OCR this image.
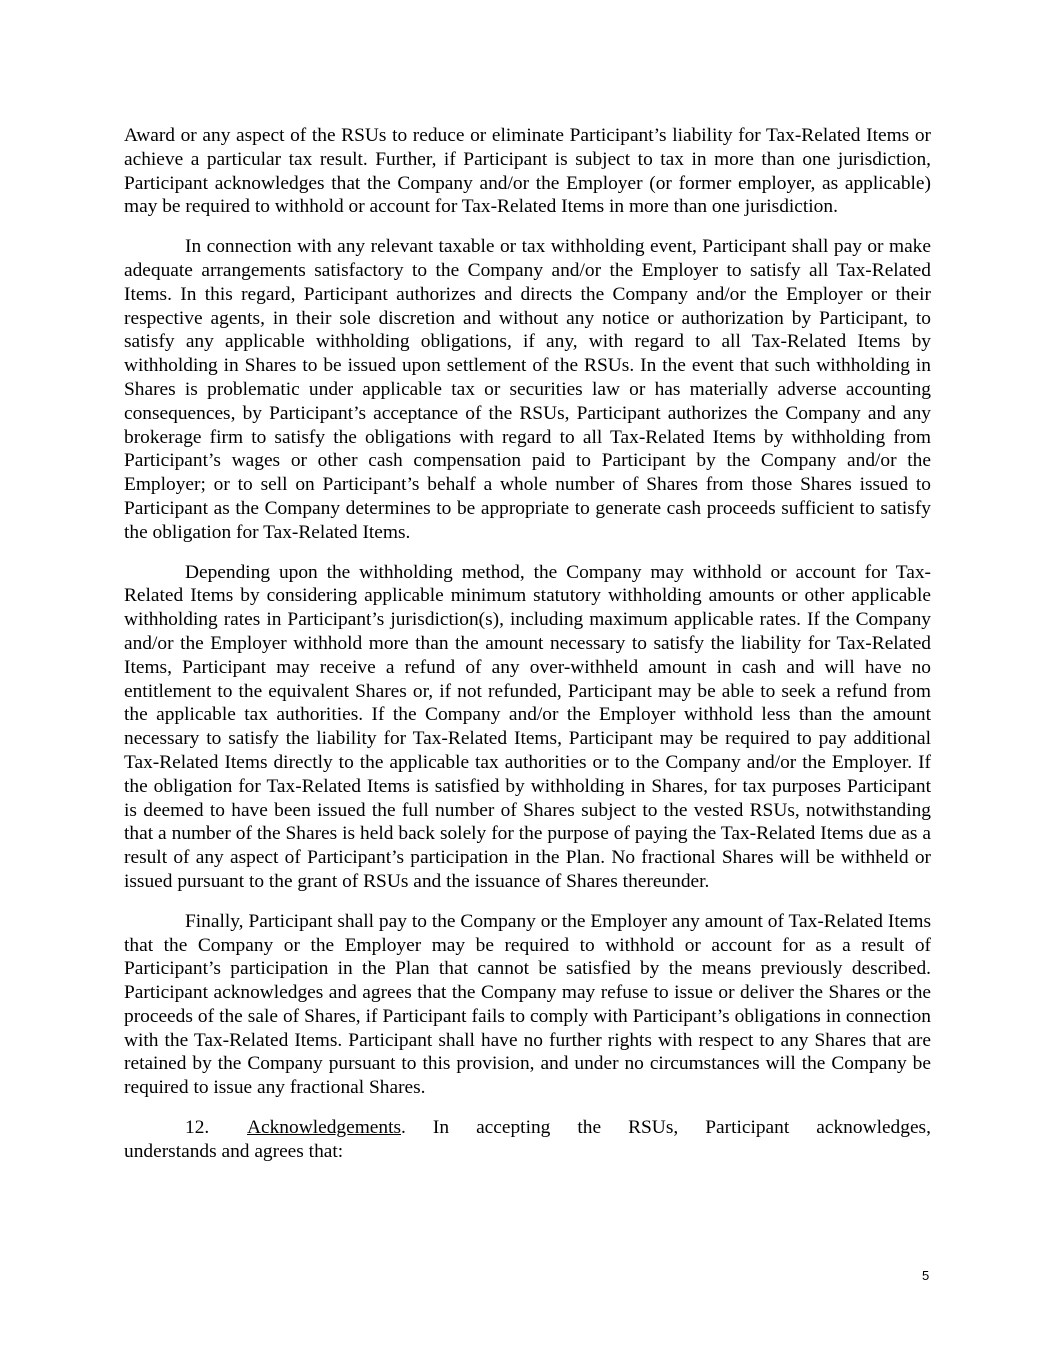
Award or any aspect of the RSUs to reduce or eliminate Participant’s liability for Tax-Related Items or achieve a particular tax result. Further, if Participant is subject to tax in more than one jurisdiction, Participant acknowledges that the Company and/or the Employer (or former employer, as applicable) may be required to withhold or account for Tax-Related Items in more than one jurisdiction.

In connection with any relevant taxable or tax withholding event, Participant shall pay or make adequate arrangements satisfactory to the Company and/or the Employer to satisfy all Tax-Related Items. In this regard, Participant authorizes and directs the Company and/or the Employer or their respective agents, in their sole discretion and without any notice or authorization by Participant, to satisfy any applicable withholding obligations, if any, with regard to all Tax-Related Items by withholding in Shares to be issued upon settlement of the RSUs. In the event that such withholding in Shares is problematic under applicable tax or securities law or has materially adverse accounting consequences, by Participant’s acceptance of the RSUs, Participant authorizes the Company and any brokerage firm to satisfy the obligations with regard to all Tax-Related Items by withholding from Participant’s wages or other cash compensation paid to Participant by the Company and/or the Employer; or to sell on Participant’s behalf a whole number of Shares from those Shares issued to Participant as the Company determines to be appropriate to generate cash proceeds sufficient to satisfy the obligation for Tax-Related Items.

Depending upon the withholding method, the Company may withhold or account for Tax-Related Items by considering applicable minimum statutory withholding amounts or other applicable withholding rates in Participant’s jurisdiction(s), including maximum applicable rates. If the Company and/or the Employer withhold more than the amount necessary to satisfy the liability for Tax-Related Items, Participant may receive a refund of any over-withheld amount in cash and will have no entitlement to the equivalent Shares or, if not refunded, Participant may be able to seek a refund from the applicable tax authorities. If the Company and/or the Employer withhold less than the amount necessary to satisfy the liability for Tax-Related Items, Participant may be required to pay additional Tax-Related Items directly to the applicable tax authorities or to the Company and/or the Employer. If the obligation for Tax-Related Items is satisfied by withholding in Shares, for tax purposes Participant is deemed to have been issued the full number of Shares subject to the vested RSUs, notwithstanding that a number of the Shares is held back solely for the purpose of paying the Tax-Related Items due as a result of any aspect of Participant’s participation in the Plan. No fractional Shares will be withheld or issued pursuant to the grant of RSUs and the issuance of Shares thereunder.

Finally, Participant shall pay to the Company or the Employer any amount of Tax-Related Items that the Company or the Employer may be required to withhold or account for as a result of Participant’s participation in the Plan that cannot be satisfied by the means previously described. Participant acknowledges and agrees that the Company may refuse to issue or deliver the Shares or the proceeds of the sale of Shares, if Participant fails to comply with Participant’s obligations in connection with the Tax-Related Items. Participant shall have no further rights with respect to any Shares that are retained by the Company pursuant to this provision, and under no circumstances will the Company be required to issue any fractional Shares.

12. Acknowledgements. In accepting the RSUs, Participant acknowledges,
understands and agrees that:
5
